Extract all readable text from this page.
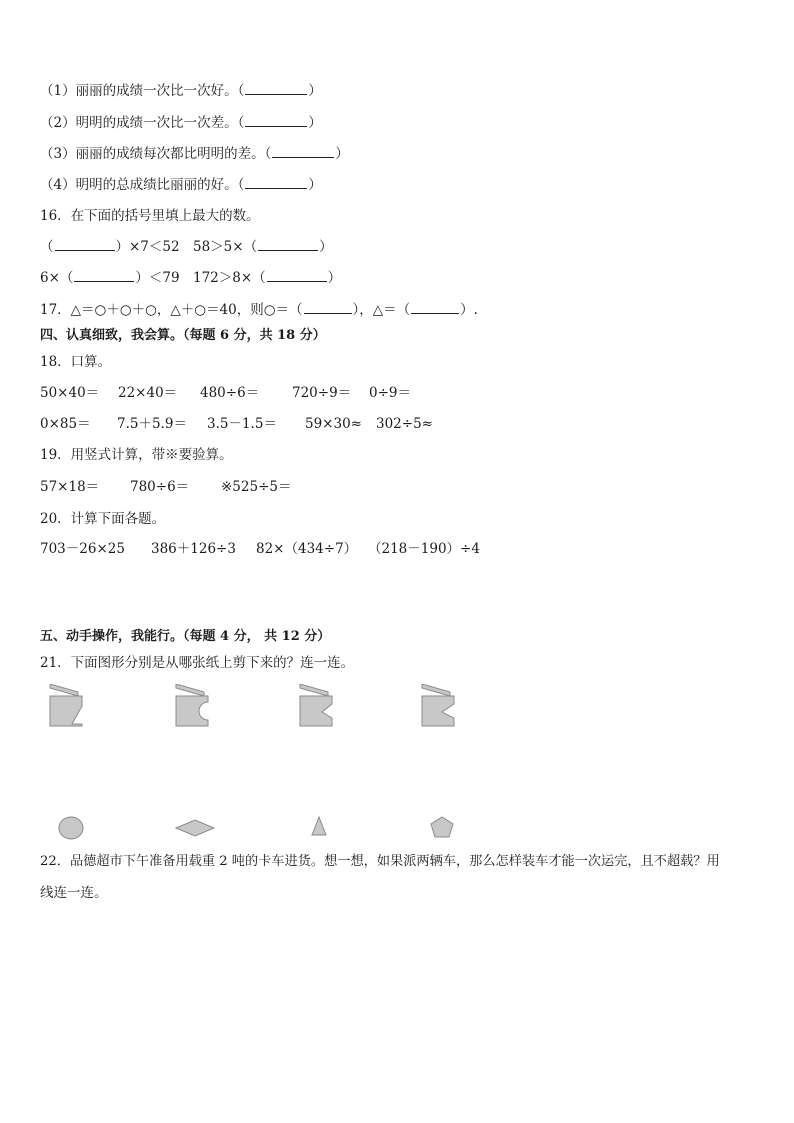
（1）丽丽的成绩一次比一次好。（	）
（2）明明的成绩一次比一次差。（	）
（3）丽丽的成绩每次都比明明的差。（	）
（4）明明的总成绩比丽丽的好。（	）
16．在下面的括号里填上最大的数。
（	）×7＜52 58＞5×（	）
6×（	）＜79 172＞8×（	）
17．△＝○＋○＋○，△＋○＝40，则○＝（	），△＝（	）.
四、认真细致，我会算。（每题 6 分，共 18 分）
18．口算。
50×40＝ 22×40＝ 480÷6＝ 720÷9＝ 0÷9＝
0×85＝ 7.5＋5.9＝ 3.5－1.5＝ 59×30≈ 302÷5≈
19．用竖式计算，带※要验算。
57×18＝ 780÷6＝ ※525÷5＝
20．计算下面各题。
703－26×25 386＋126÷3 82×（434÷7） （218－190）÷4
五、动手操作，我能行。（每题 4 分， 共 12 分）
21．下面图形分别是从哪张纸上剪下来的？连一连。
22．品德超市下午准备用载重 2 吨的卡车进货。想一想，如果派两辆车，那么怎样装车才能一次运完，且不超载？用
线连一连。
